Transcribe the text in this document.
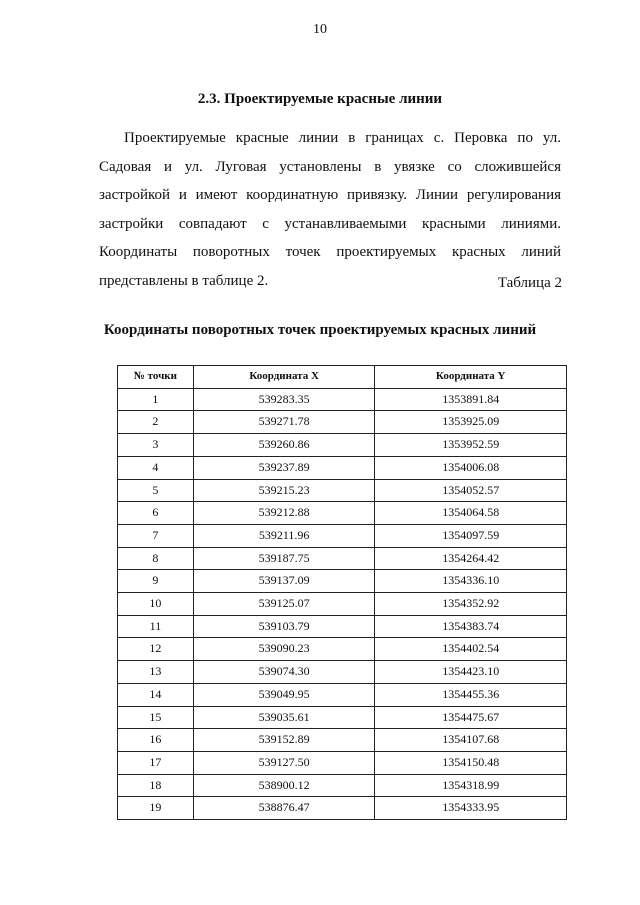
10
2.3. Проектируемые красные линии

Проектируемые красные линии в границах с. Перовка по ул. Садовая и ул. Луговая установлены в увязке со сложившейся застройкой и имеют координатную привязку. Линии регулирования застройки совпадают с устанавливаемыми красными линиями. Координаты поворотных точек проектируемых красных линий представлены в таблице 2.	Таблица 2
Координаты поворотных точек проектируемых красных линий
№ точки	Координата X	Координата Y
1	539283.35	1353891.84
2	539271.78	1353925.09
3	539260.86	1353952.59
4	539237.89	1354006.08
5	539215.23	1354052.57
6	539212.88	1354064.58
7	539211.96	1354097.59
8	539187.75	1354264.42
9	539137.09	1354336.10
10	539125.07	1354352.92
11	539103.79	1354383.74
12	539090.23	1354402.54
13	539074.30	1354423.10
14	539049.95	1354455.36
15	539035.61	1354475.67
16	539152.89	1354107.68
17	539127.50	1354150.48
18	538900.12	1354318.99
19	538876.47	1354333.95
